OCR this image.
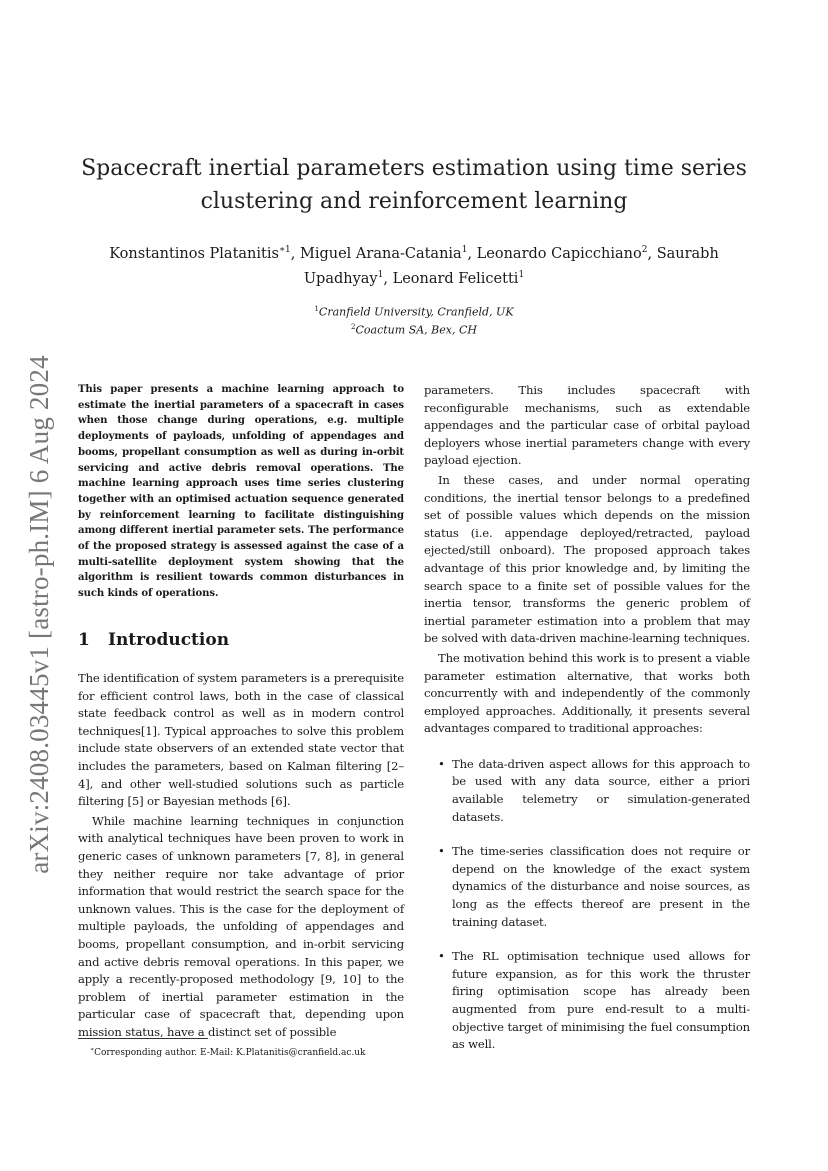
arXiv:2408.03445v1 [astro-ph.IM] 6 Aug 2024
Spacecraft inertial parameters estimation using time series
clustering and reinforcement learning
Konstantinos Platanitis$^{∗1}$, Miguel Arana-Catania$^1$, Leonardo Capicchiano$^2$, Saurabh Upadhyay$^1$, Leonard Felicetti$^1$
$^1$Cranfield University, Cranfield, UK
$^2$Coactum SA, Bex, CH
This paper presents a machine learning approach to estimate the inertial parameters of a spacecraft in cases when those change during operations, e.g. multiple deployments of payloads, unfolding of appendages and booms, propellant consumption as well as during in-orbit servicing and active debris removal operations. The machine learning approach uses time series clustering together with an optimised actuation sequence generated by reinforcement learning to facilitate distinguishing among different inertial parameter sets. The performance of the proposed strategy is assessed against the case of a multi-satellite deployment system showing that the algorithm is resilient towards common disturbances in such kinds of operations.
1 Introduction

The identification of system parameters is a prerequisite for efficient control laws, both in the case of classical state feedback control as well as in modern control techniques[1]. Typical approaches to solve this problem include state observers of an extended state vector that includes the parameters, based on Kalman filtering [2–4], and other well-studied solutions such as particle filtering [5] or Bayesian methods [6].

While machine learning techniques in conjunction with analytical techniques have been proven to work in generic cases of unknown parameters [7, 8], in general they neither require nor take advantage of prior information that would restrict the search space for the unknown values. This is the case for the deployment of multiple payloads, the unfolding of appendages and booms, propellant consumption, and in-orbit servicing and active debris removal operations. In this paper, we apply a recently-proposed methodology [9, 10] to the problem of inertial parameter estimation in the particular case of spacecraft that, depending upon mission status, have a distinct set of possible

parameters. This includes spacecraft with reconfigurable mechanisms, such as extendable appendages and the particular case of orbital payload deployers whose inertial parameters change with every payload ejection.

In these cases, and under normal operating conditions, the inertial tensor belongs to a predefined set of possible values which depends on the mission status (i.e. appendage deployed/retracted, payload ejected/still onboard). The proposed approach takes advantage of this prior knowledge and, by limiting the search space to a finite set of possible values for the inertia tensor, transforms the generic problem of inertial parameter estimation into a problem that may be solved with data-driven machine-learning techniques.

The motivation behind this work is to present a viable parameter estimation alternative, that works both concurrently with and independently of the commonly employed approaches. Additionally, it presents several advantages compared to traditional approaches:

• The data-driven aspect allows for this approach to be used with any data source, either a priori available telemetry or simulation-generated datasets.
• The time-series classification does not require or depend on the knowledge of the exact system dynamics of the disturbance and noise sources, as long as the effects thereof are present in the training dataset.
• The RL optimisation technique used allows for future expansion, as for this work the thruster firing optimisation scope has already been augmented from pure end-result to a multi-objective target of minimising the fuel consumption as well.
∗Corresponding author. E-Mail: K.Platanitis@cranfield.ac.uk
